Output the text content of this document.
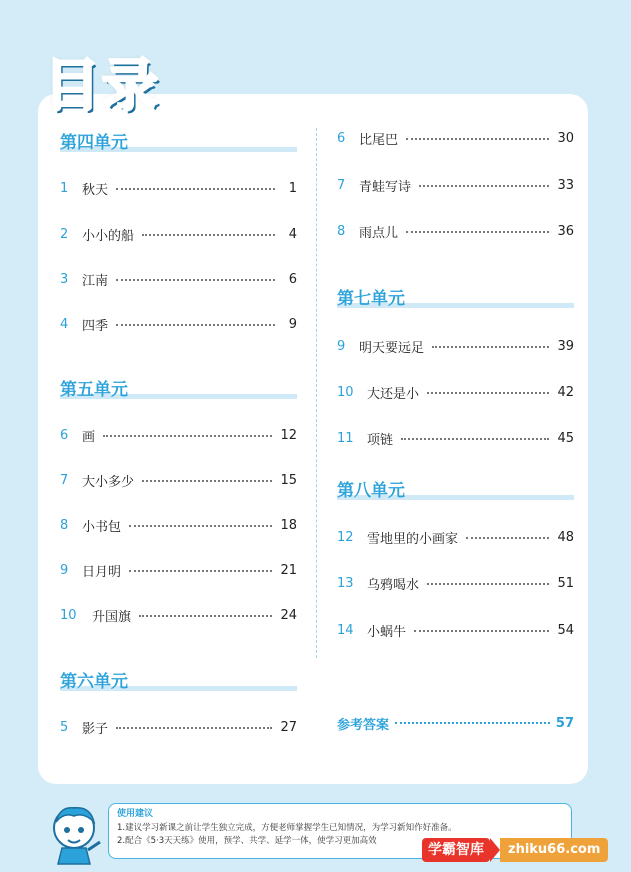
目录
第四单元
1	秋天	1
2	小小的船	4
3	江南	6
4	四季	9
第五单元
6	画	12
7	大小多少	15
8	小书包	18
9	日月明	21
10	升国旗	24
第六单元
5	影子	27
6	比尾巴	30
7	青蛙写诗	33
8	雨点儿	36
第七单元
9	明天要远足	39
10	大还是小	42
11	项链	45
第八单元
12	雪地里的小画家	48
13	乌鸦喝水	51
14	小蜗牛	54
参考答案	57
使用建议
1.建议学习新课之前让学生独立完成，方便老师掌握学生已知情况，为学习新知作好准备。
2.配合《5·3天天练》使用，预学、共学、延学一体，使学习更加高效
学霸智库	zhiku66.com
